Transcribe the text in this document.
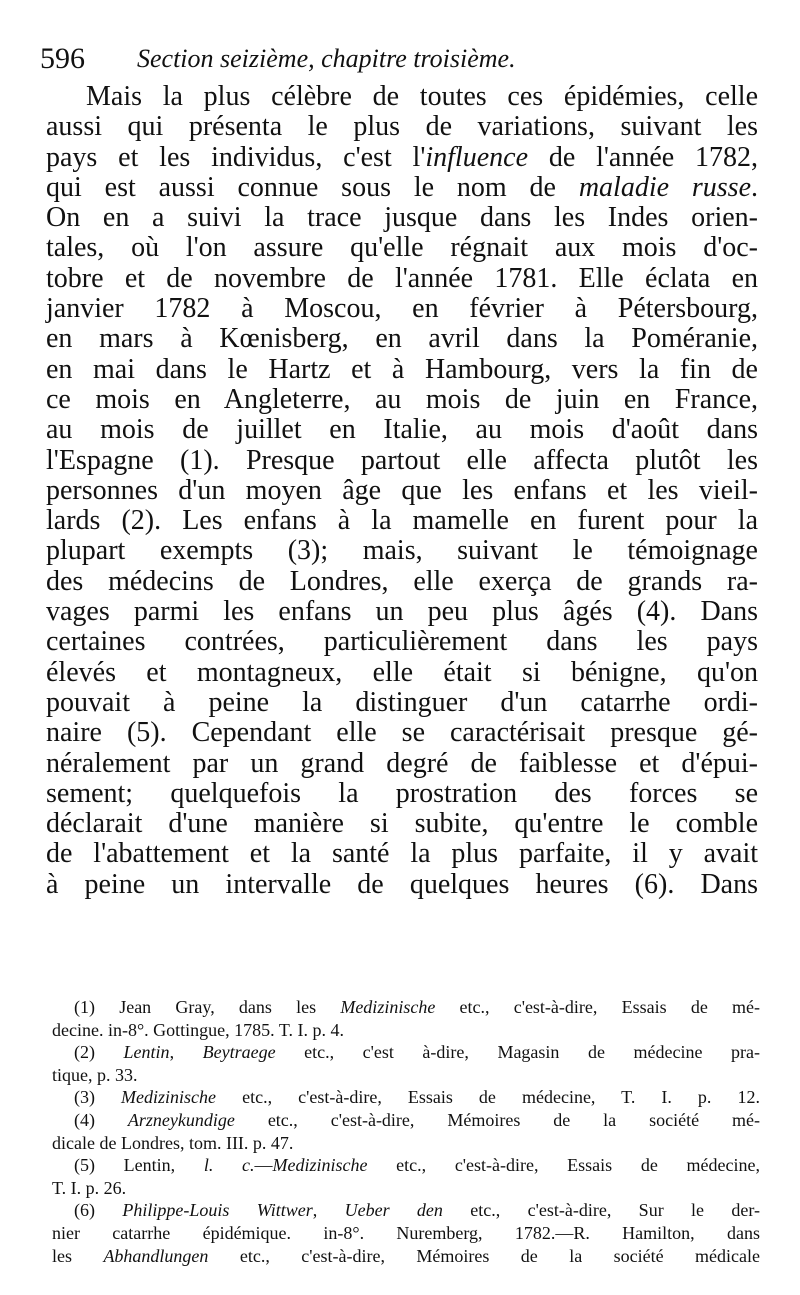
596 Section seizième, chapitre troisième.
Mais la plus célèbre de toutes ces épidémies, celle
aussi qui présenta le plus de variations, suivant les
pays et les individus, c'est l'influence de l'année 1782,
qui est aussi connue sous le nom de maladie russe.
On en a suivi la trace jusque dans les Indes orien-
tales, où l'on assure qu'elle régnait aux mois d'oc-
tobre et de novembre de l'année 1781. Elle éclata en
janvier 1782 à Moscou, en février à Pétersbourg,
en mars à Kœnisberg, en avril dans la Poméranie,
en mai dans le Hartz et à Hambourg, vers la fin de
ce mois en Angleterre, au mois de juin en France,
au mois de juillet en Italie, au mois d'août dans
l'Espagne (1). Presque partout elle affecta plutôt les
personnes d'un moyen âge que les enfans et les vieil-
lards (2). Les enfans à la mamelle en furent pour la
plupart exempts (3); mais, suivant le témoignage
des médecins de Londres, elle exerça de grands ra-
vages parmi les enfans un peu plus âgés (4). Dans
certaines contrées, particulièrement dans les pays
élevés et montagneux, elle était si bénigne, qu'on
pouvait à peine la distinguer d'un catarrhe ordi-
naire (5). Cependant elle se caractérisait presque gé-
néralement par un grand degré de faiblesse et d'épui-
sement; quelquefois la prostration des forces se
déclarait d'une manière si subite, qu'entre le comble
de l'abattement et la santé la plus parfaite, il y avait
à peine un intervalle de quelques heures (6). Dans
(1) Jean Gray, dans les Medizinische etc., c'est-à-dire, Essais de mé-
decine. in-8°. Gottingue, 1785. T. I. p. 4.
(2) Lentin, Beytraege etc., c'est à-dire, Magasin de médecine pra-
tique, p. 33.
(3) Medizinische etc., c'est-à-dire, Essais de médecine, T. I. p. 12.
(4) Arzneykundige etc., c'est-à-dire, Mémoires de la société mé-
dicale de Londres, tom. III. p. 47.
(5) Lentin, l. c.—Medizinische etc., c'est-à-dire, Essais de médecine,
T. I. p. 26.
(6) Philippe-Louis Wittwer, Ueber den etc., c'est-à-dire, Sur le der-
nier catarrhe épidémique. in-8°. Nuremberg, 1782.—R. Hamilton, dans
les Abhandlungen etc., c'est-à-dire, Mémoires de la société médicale
